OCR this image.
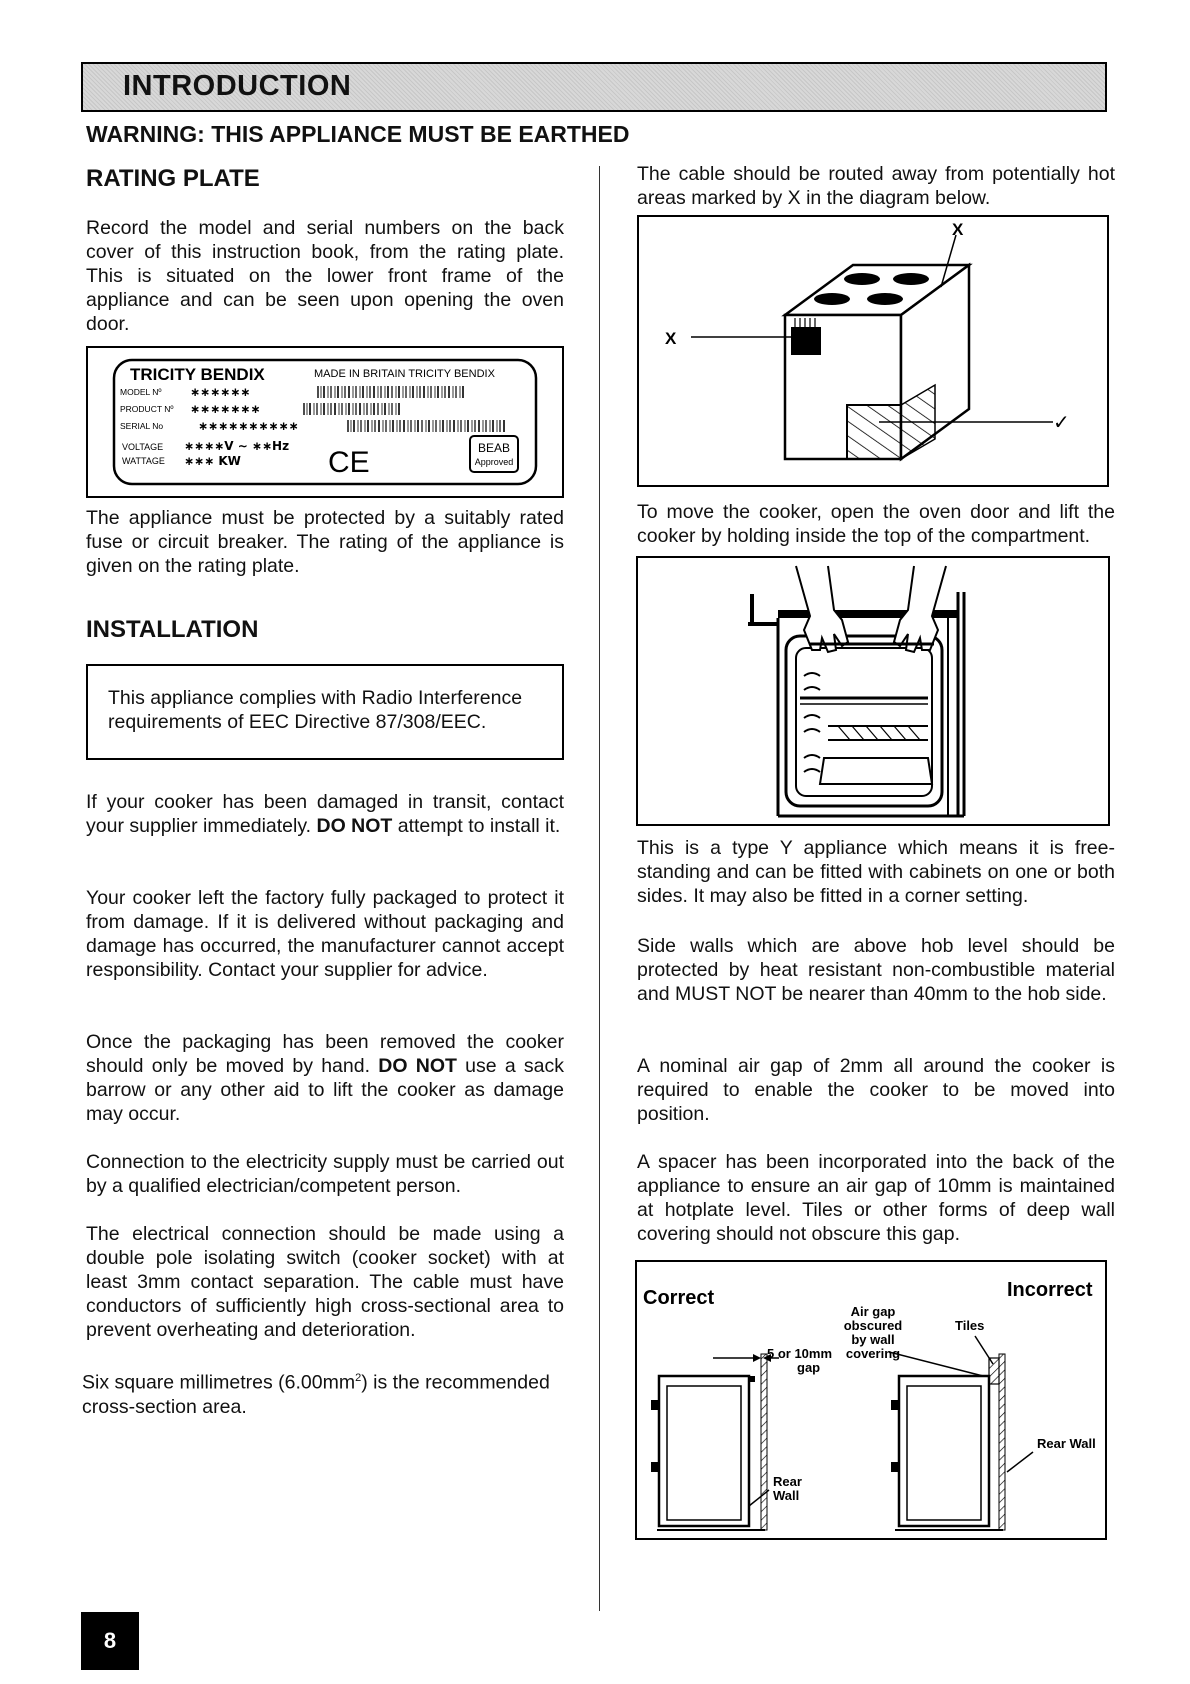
INTRODUCTION
WARNING: THIS APPLIANCE MUST BE EARTHED
RATING PLATE

Record the model and serial numbers on the back cover of this instruction book, from the rating plate. This is situated on the lower front frame of the appliance and can be seen upon opening the oven door.

TRICITY BENDIX	MADE IN BRITAIN TRICITY BENDIX
MODEL Nº ∗∗∗∗∗∗
PRODUCT Nº ∗∗∗∗∗∗∗
SERIAL No	∗∗∗∗∗∗∗∗∗∗
VOLTAGE ∗∗∗∗V ∼ ∗∗Hz
WATTAGE ∗∗∗ KW	CE	BEAB
Approved

The appliance must be protected by a suitably rated fuse or circuit breaker. The rating of the appliance is given on the rating plate.

INSTALLATION
This appliance complies with Radio Interference requirements of EEC Directive 87/308/EEC.

If your cooker has been damaged in transit, contact your supplier immediately. DO NOT attempt to install it.

Your cooker left the factory fully packaged to protect it from damage. If it is delivered without packaging and damage has occurred, the manufacturer cannot accept responsibility. Contact your supplier for advice.

Once the packaging has been removed the cooker should only be moved by hand. DO NOT use a sack barrow or any other aid to lift the cooker as damage may occur.

Connection to the electricity supply must be carried out by a qualified electrician/competent person.

The electrical connection should be made using a double pole isolating switch (cooker socket) with at least 3mm contact separation. The cable must have conductors of sufficiently high cross-sectional area to prevent overheating and deterioration.

Six square millimetres $(6.00mm^2)$ is the recommended cross-section area.

The cable should be routed away from potentially hot areas marked by X in the diagram below.

X
X
✓

To move the cooker, open the oven door and lift the cooker by holding inside the top of the compartment.

This is a type Y appliance which means it is free-standing and can be fitted with cabinets on one or both sides. It may also be fitted in a corner setting.

Side walls which are above hob level should be protected by heat resistant non-combustible material and MUST NOT be nearer than 40mm to the hob side.

A nominal air gap of 2mm all around the cooker is required to enable the cooker to be moved into position.

A spacer has been incorporated into the back of the appliance to ensure an air gap of 10mm is maintained at hotplate level. Tiles or other forms of deep wall covering should not obscure this gap.

Correct	Incorrect
5 or 10mm
gap
Rear
Wall
Air gap
obscured
by wall
covering
Tiles
Rear Wall
8
